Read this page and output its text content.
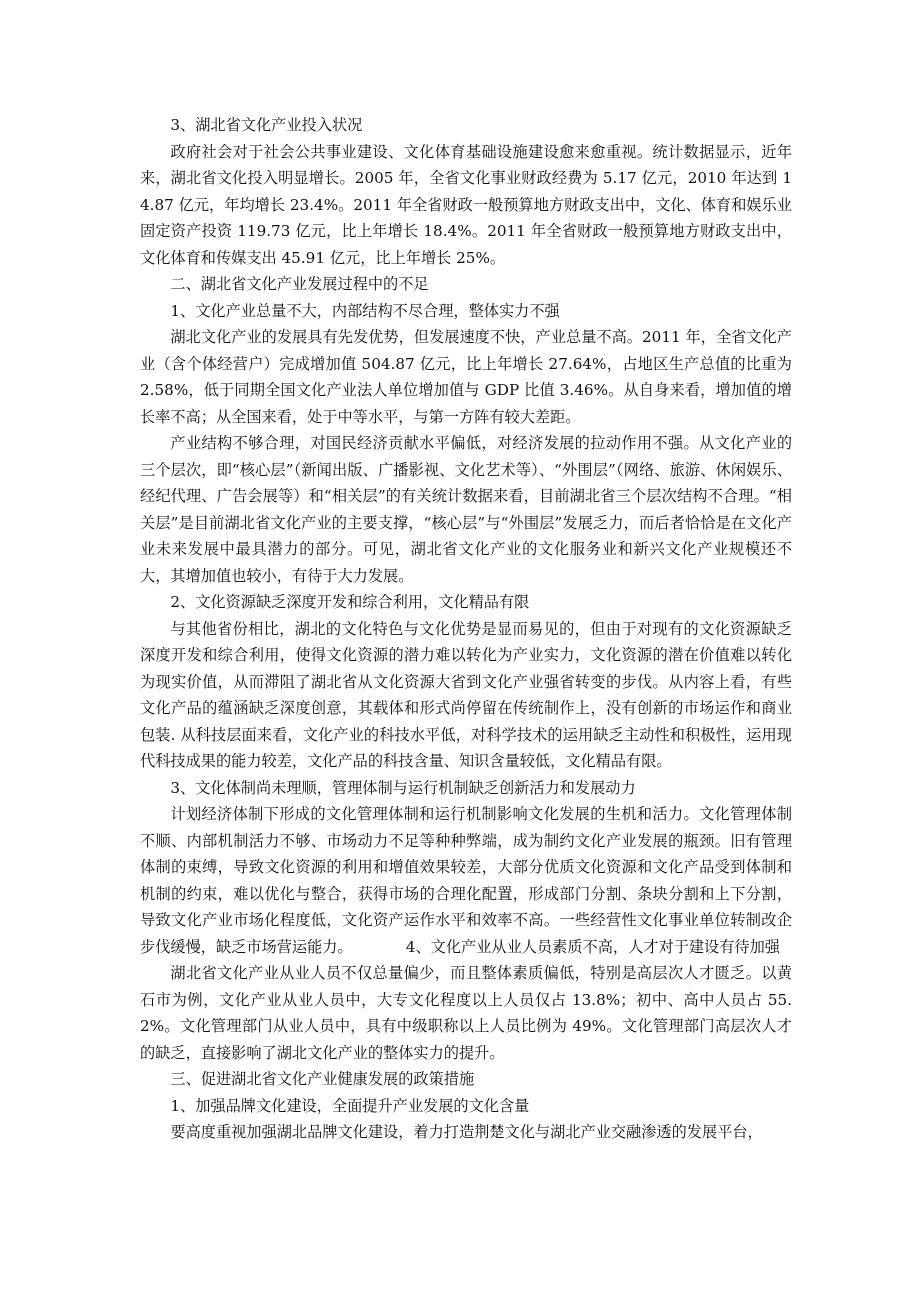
3、湖北省文化产业投入状况

政府社会对于社会公共事业建设、文化体育基础设施建设愈来愈重视。统计数据显示，近年来，湖北省文化投入明显增长。2005 年，全省文化事业财政经费为 5.17 亿元，2010 年达到 14.87 亿元，年均增长 23.4%。2011 年全省财政一般预算地方财政支出中，文化、体育和娱乐业固定资产投资 119.73 亿元，比上年增长 18.4%。2011 年全省财政一般预算地方财政支出中，文化体育和传媒支出 45.91 亿元，比上年增长 25%。

二、湖北省文化产业发展过程中的不足

1、文化产业总量不大，内部结构不尽合理，整体实力不强

湖北文化产业的发展具有先发优势，但发展速度不快，产业总量不高。2011 年，全省文化产业（含个体经营户）完成增加值 504.87 亿元，比上年增长 27.64%，占地区生产总值的比重为 2.58%，低于同期全国文化产业法人单位增加值与 GDP 比值 3.46%。从自身来看，增加值的增长率不高；从全国来看，处于中等水平，与第一方阵有较大差距。

产业结构不够合理，对国民经济贡献水平偏低，对经济发展的拉动作用不强。从文化产业的三个层次，即“核心层”（新闻出版、广播影视、文化艺术等）、“外围层”（网络、旅游、休闲娱乐、经纪代理、广告会展等）和“相关层”的有关统计数据来看，目前湖北省三个层次结构不合理。“相关层”是目前湖北省文化产业的主要支撑，“核心层”与“外围层”发展乏力，而后者恰恰是在文化产业未来发展中最具潜力的部分。可见，湖北省文化产业的文化服务业和新兴文化产业规模还不大，其增加值也较小，有待于大力发展。

2、文化资源缺乏深度开发和综合利用，文化精品有限

与其他省份相比，湖北的文化特色与文化优势是显而易见的，但由于对现有的文化资源缺乏深度开发和综合利用，使得文化资源的潜力难以转化为产业实力，文化资源的潜在价值难以转化为现实价值，从而滞阻了湖北省从文化资源大省到文化产业强省转变的步伐。从内容上看，有些文化产品的蕴涵缺乏深度创意，其载体和形式尚停留在传统制作上，没有创新的市场运作和商业包装. 从科技层面来看，文化产业的科技水平低，对科学技术的运用缺乏主动性和积极性，运用现代科技成果的能力较差，文化产品的科技含量、知识含量较低，文化精品有限。

3、文化体制尚未理顺，管理体制与运行机制缺乏创新活力和发展动力

计划经济体制下形成的文化管理体制和运行机制影响文化发展的生机和活力。文化管理体制不顺、内部机制活力不够、市场动力不足等种种弊端，成为制约文化产业发展的瓶颈。旧有管理体制的束缚，导致文化资源的利用和增值效果较差，大部分优质文化资源和文化产品受到体制和机制的约束，难以优化与整合，获得市场的合理化配置，形成部门分割、条块分割和上下分割，导致文化产业市场化程度低，文化资产运作水平和效率不高。一些经营性文化事业单位转制改企步伐缓慢，缺乏市场营运能力。　　　　4、文化产业从业人员素质不高，人才对于建设有待加强

湖北省文化产业从业人员不仅总量偏少，而且整体素质偏低，特别是高层次人才匮乏。以黄石市为例，文化产业从业人员中，大专文化程度以上人员仅占 13.8%；初中、高中人员占 55.2%。文化管理部门从业人员中，具有中级职称以上人员比例为 49%。文化管理部门高层次人才的缺乏，直接影响了湖北文化产业的整体实力的提升。

三、促进湖北省文化产业健康发展的政策措施

1、加强品牌文化建设，全面提升产业发展的文化含量

要高度重视加强湖北品牌文化建设，着力打造荆楚文化与湖北产业交融渗透的发展平台，
